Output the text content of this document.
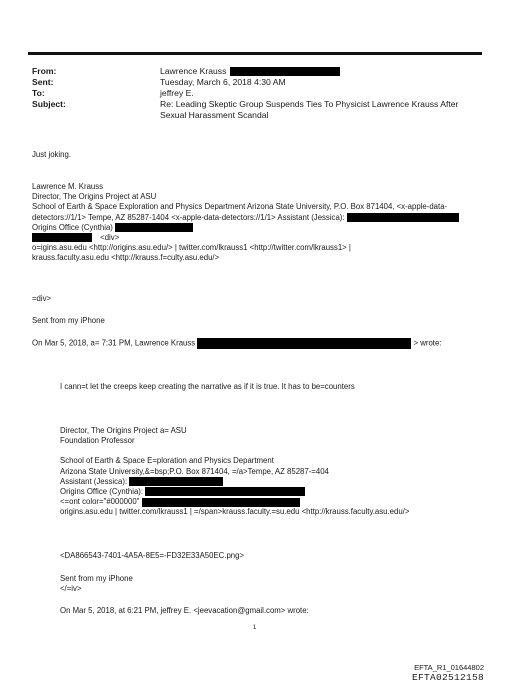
From:	Lawrence Krauss
Sent:	Tuesday, March 6, 2018 4:30 AM
To:	jeffrey E.
Subject:	Re: Leading Skeptic Group Suspends Ties To Physicist Lawrence Krauss After Sexual Harassment Scandal

Just joking.

Lawrence M. Krauss

Director, The Origins Project at ASU

School of Earth & Space Exploration and Physics Department Arizona State University, P.O. Box 871404, <x-apple-data-

detectors://1/1> Tempe, AZ 85287-1404 <x-apple-data-detectors://1/1> Assistant (Jessica):

Origins Office (Cynthia)

<div>

o=igins.asu.edu <http://origins.asu.edu/> | twitter.com/lkrauss1 <http://twitter.com/lkrauss1> |

krauss.faculty.asu.edu <http://krauss.f=culty.asu.edu/>

=div>

Sent from my iPhone

On Mar 5, 2018, a= 7:31 PM, Lawrence Krauss	> wrote:

I cann=t let the creeps keep creating the narrative as if it is true. It has to be=counters

Director, The Origins Project a= ASU

Foundation Professor

School of Earth & Space E=ploration and Physics Department

Arizona State University,&=bsp;P.O. Box 871404, =/a>Tempe, AZ 85287-=404

Assistant (Jessica):

Origins Office (Cynthia):

<=ont color="#000000"

origins.asu.edu | twitter.com/lkrauss1 | =/span>krauss.faculty.=su.edu <http://krauss.faculty.asu.edu/>

<DA866543-7401-4A5A-8E5=-FD32E33A50EC.png>

Sent from my iPhone

</=iv>

On Mar 5, 2018, at 6:21 PM, jeffrey E. <jeevacation@gmail.com> wrote:

1
EFTA_R1_01644802
EFTA02512158
